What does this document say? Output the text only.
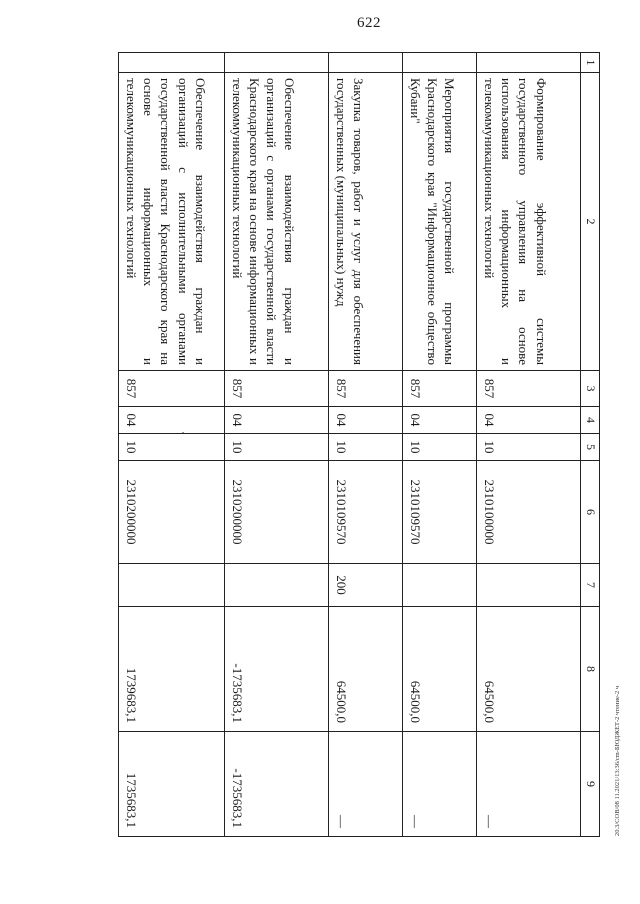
622
20.3/СОВ/08 11.2021/13:36/cm-БЮДЖЕТ-2 чтение-2 ч
1	2	3	4	5	6	7	8	9
	Формирование эффективной системы государственного управления на основе использования информационных и телекоммуникационных технологий	857	04	10	2310100000		64500,0	—
	Мероприятия государственной программы Краснодарского края "Информационное общество Кубани"	857	04	10	2310109570		64500,0	—
	Закупка товаров, работ и услуг для обеспечения государственных (муниципальных) нужд	857	04	10	2310109570	200	64500,0	—
	Обеспечение взаимодействия граждан и организаций с органами государственной власти Краснодарского края на основе информационных и телекоммуникационных технологий	857	04	10	2310200000		-1735683,1	-1735683,1
	Обеспечение взаимодействия граждан и организаций с исполнительными органами государственной власти Краснодарского края на основе информационных и телекоммуникационных технологий	857	04	10	2310200000		1739683,1	1735683,1
